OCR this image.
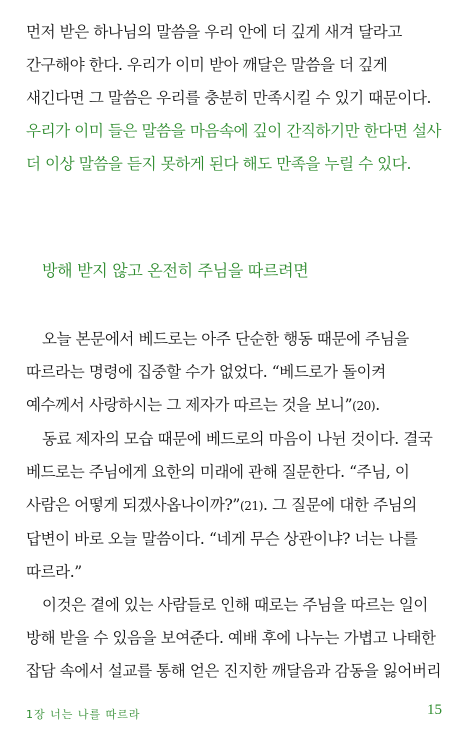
먼저 받은 하나님의 말씀을 우리 안에 더 깊게 새겨 달라고 간구해야 한다. 우리가 이미 받아 깨달은 말씀을 더 깊게 새긴다면 그 말씀은 우리를 충분히 만족시킬 수 있기 때문이다. 우리가 이미 들은 말씀을 마음속에 깊이 간직하기만 한다면 설사 더 이상 말씀을 듣지 못하게 된다 해도 만족을 누릴 수 있다.

방해 받지 않고 온전히 주님을 따르려면

오늘 본문에서 베드로는 아주 단순한 행동 때문에 주님을 따르라는 명령에 집중할 수가 없었다. “베드로가 돌이켜 예수께서 사랑하시는 그 제자가 따르는 것을 보니”(20).

동료 제자의 모습 때문에 베드로의 마음이 나뉜 것이다. 결국 베드로는 주님에게 요한의 미래에 관해 질문한다. “주님, 이 사람은 어떻게 되겠사옵나이까?”(21). 그 질문에 대한 주님의 답변이 바로 오늘 말씀이다. “네게 무슨 상관이냐? 너는 나를 따르라.”

이것은 곁에 있는 사람들로 인해 때로는 주님을 따르는 일이 방해 받을 수 있음을 보여준다. 예배 후에 나누는 가볍고 나태한 잡담 속에서 설교를 통해 얻은 진지한 깨달음과 감동을 잃어버리

1장 너는 나를 따르라	15
